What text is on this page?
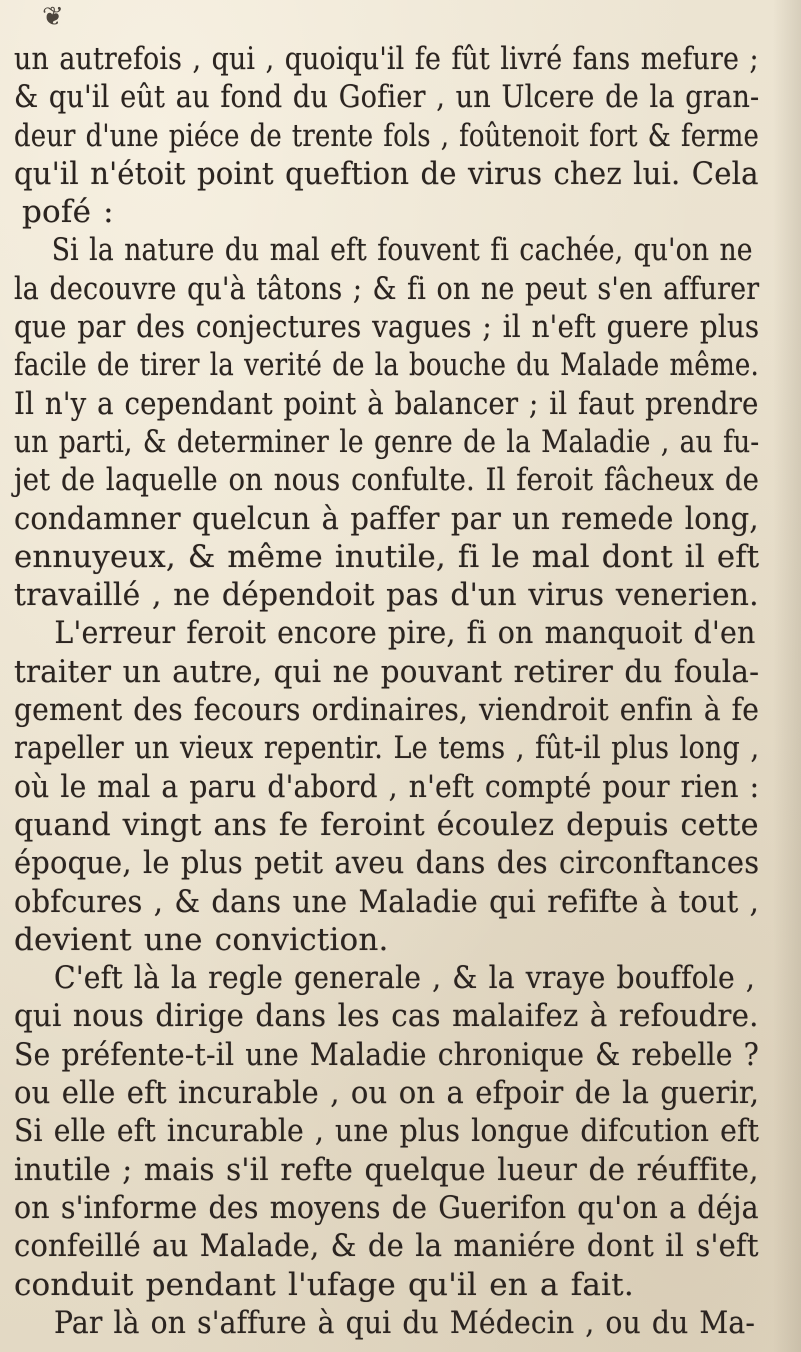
❦
un autrefois , qui , quoiqu'il fe fût livré fans mefure ;
& qu'il eût au fond du Gofier , un Ulcere de la gran-
deur d'une piéce de trente fols , foûtenoit fort & ferme
qu'il n'étoit point queftion de virus chez lui. Cela
pofé :
Si la nature du mal eft fouvent fi cachée, qu'on ne
la decouvre qu'à tâtons ; & fi on ne peut s'en affurer
que par des conjectures vagues ; il n'eft guere plus
facile de tirer la verité de la bouche du Malade même.
Il n'y a cependant point à balancer ; il faut prendre
un parti, & determiner le genre de la Maladie , au fu-
jet de laquelle on nous confulte. Il feroit fâcheux de
condamner quelcun à paffer par un remede long,
ennuyeux, & même inutile, fi le mal dont il eft
travaillé , ne dépendoit pas d'un virus venerien.
L'erreur feroit encore pire, fi on manquoit d'en
traiter un autre, qui ne pouvant retirer du foula-
gement des fecours ordinaires, viendroit enfin à fe
rapeller un vieux repentir. Le tems , fût-il plus long ,
où le mal a paru d'abord , n'eft compté pour rien :
quand vingt ans fe feroint écoulez depuis cette
époque, le plus petit aveu dans des circonftances
obfcures , & dans une Maladie qui refifte à tout ,
devient une conviction.
C'eft là la regle generale , & la vraye bouffole ,
qui nous dirige dans les cas malaifez à refoudre.
Se préfente-t-il une Maladie chronique & rebelle ?
ou elle eft incurable , ou on a efpoir de la guerir,
Si elle eft incurable , une plus longue difcution eft
inutile ; mais s'il refte quelque lueur de réuffite,
on s'informe des moyens de Guerifon qu'on a déja
confeillé au Malade, & de la maniére dont il s'eft
conduit pendant l'ufage qu'il en a fait.
Par là on s'affure à qui du Médecin , ou du Ma-
